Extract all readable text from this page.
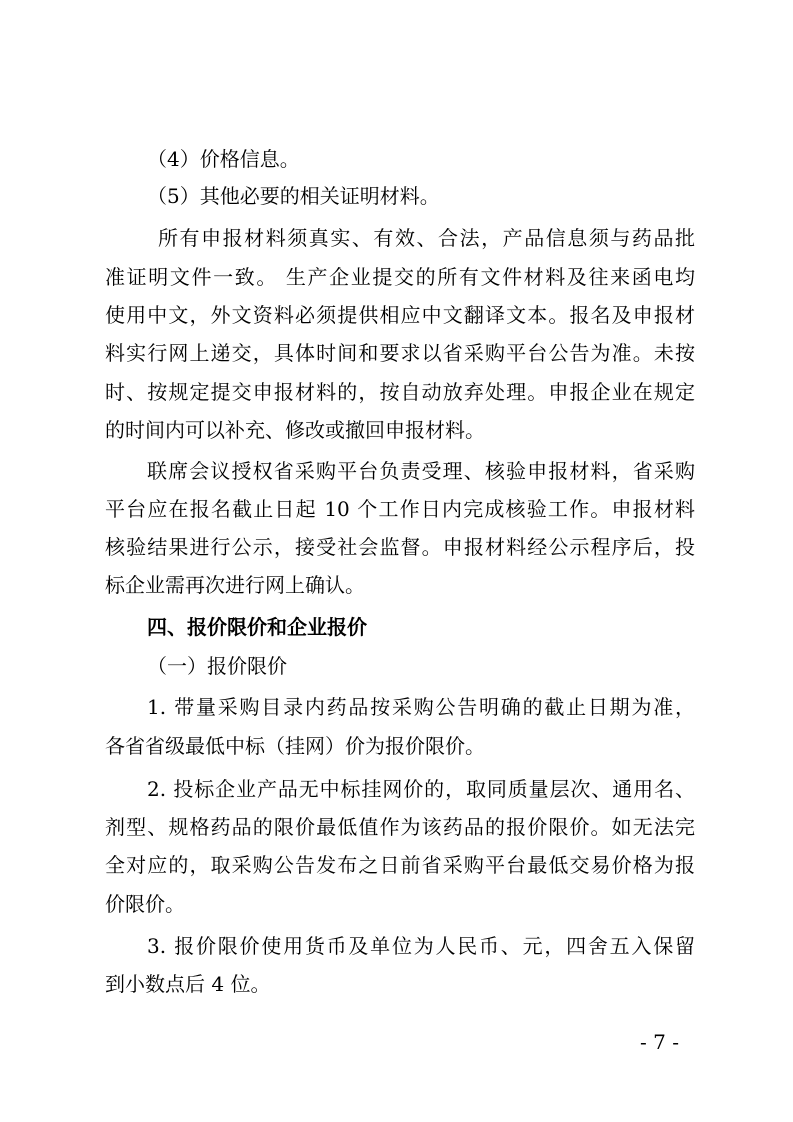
（4）价格信息。
（5）其他必要的相关证明材料。
所有申报材料须真实、有效、合法，产品信息须与药品批
准证明文件一致。 生产企业提交的所有文件材料及往来函电均
使用中文，外文资料必须提供相应中文翻译文本。报名及申报材
料实行网上递交，具体时间和要求以省采购平台公告为准。未按
时、按规定提交申报材料的，按自动放弃处理。申报企业在规定
的时间内可以补充、修改或撤回申报材料。
联席会议授权省采购平台负责受理、核验申报材料，省采购
平台应在报名截止日起 10 个工作日内完成核验工作。申报材料
核验结果进行公示，接受社会监督。申报材料经公示程序后，投
标企业需再次进行网上确认。
四、报价限价和企业报价
（一）报价限价
1. 带量采购目录内药品按采购公告明确的截止日期为准，
各省省级最低中标（挂网）价为报价限价。
2. 投标企业产品无中标挂网价的，取同质量层次、通用名、
剂型、规格药品的限价最低值作为该药品的报价限价。如无法完
全对应的，取采购公告发布之日前省采购平台最低交易价格为报
价限价。
3. 报价限价使用货币及单位为人民币、元，四舍五入保留
到小数点后 4 位。
- 7 -
